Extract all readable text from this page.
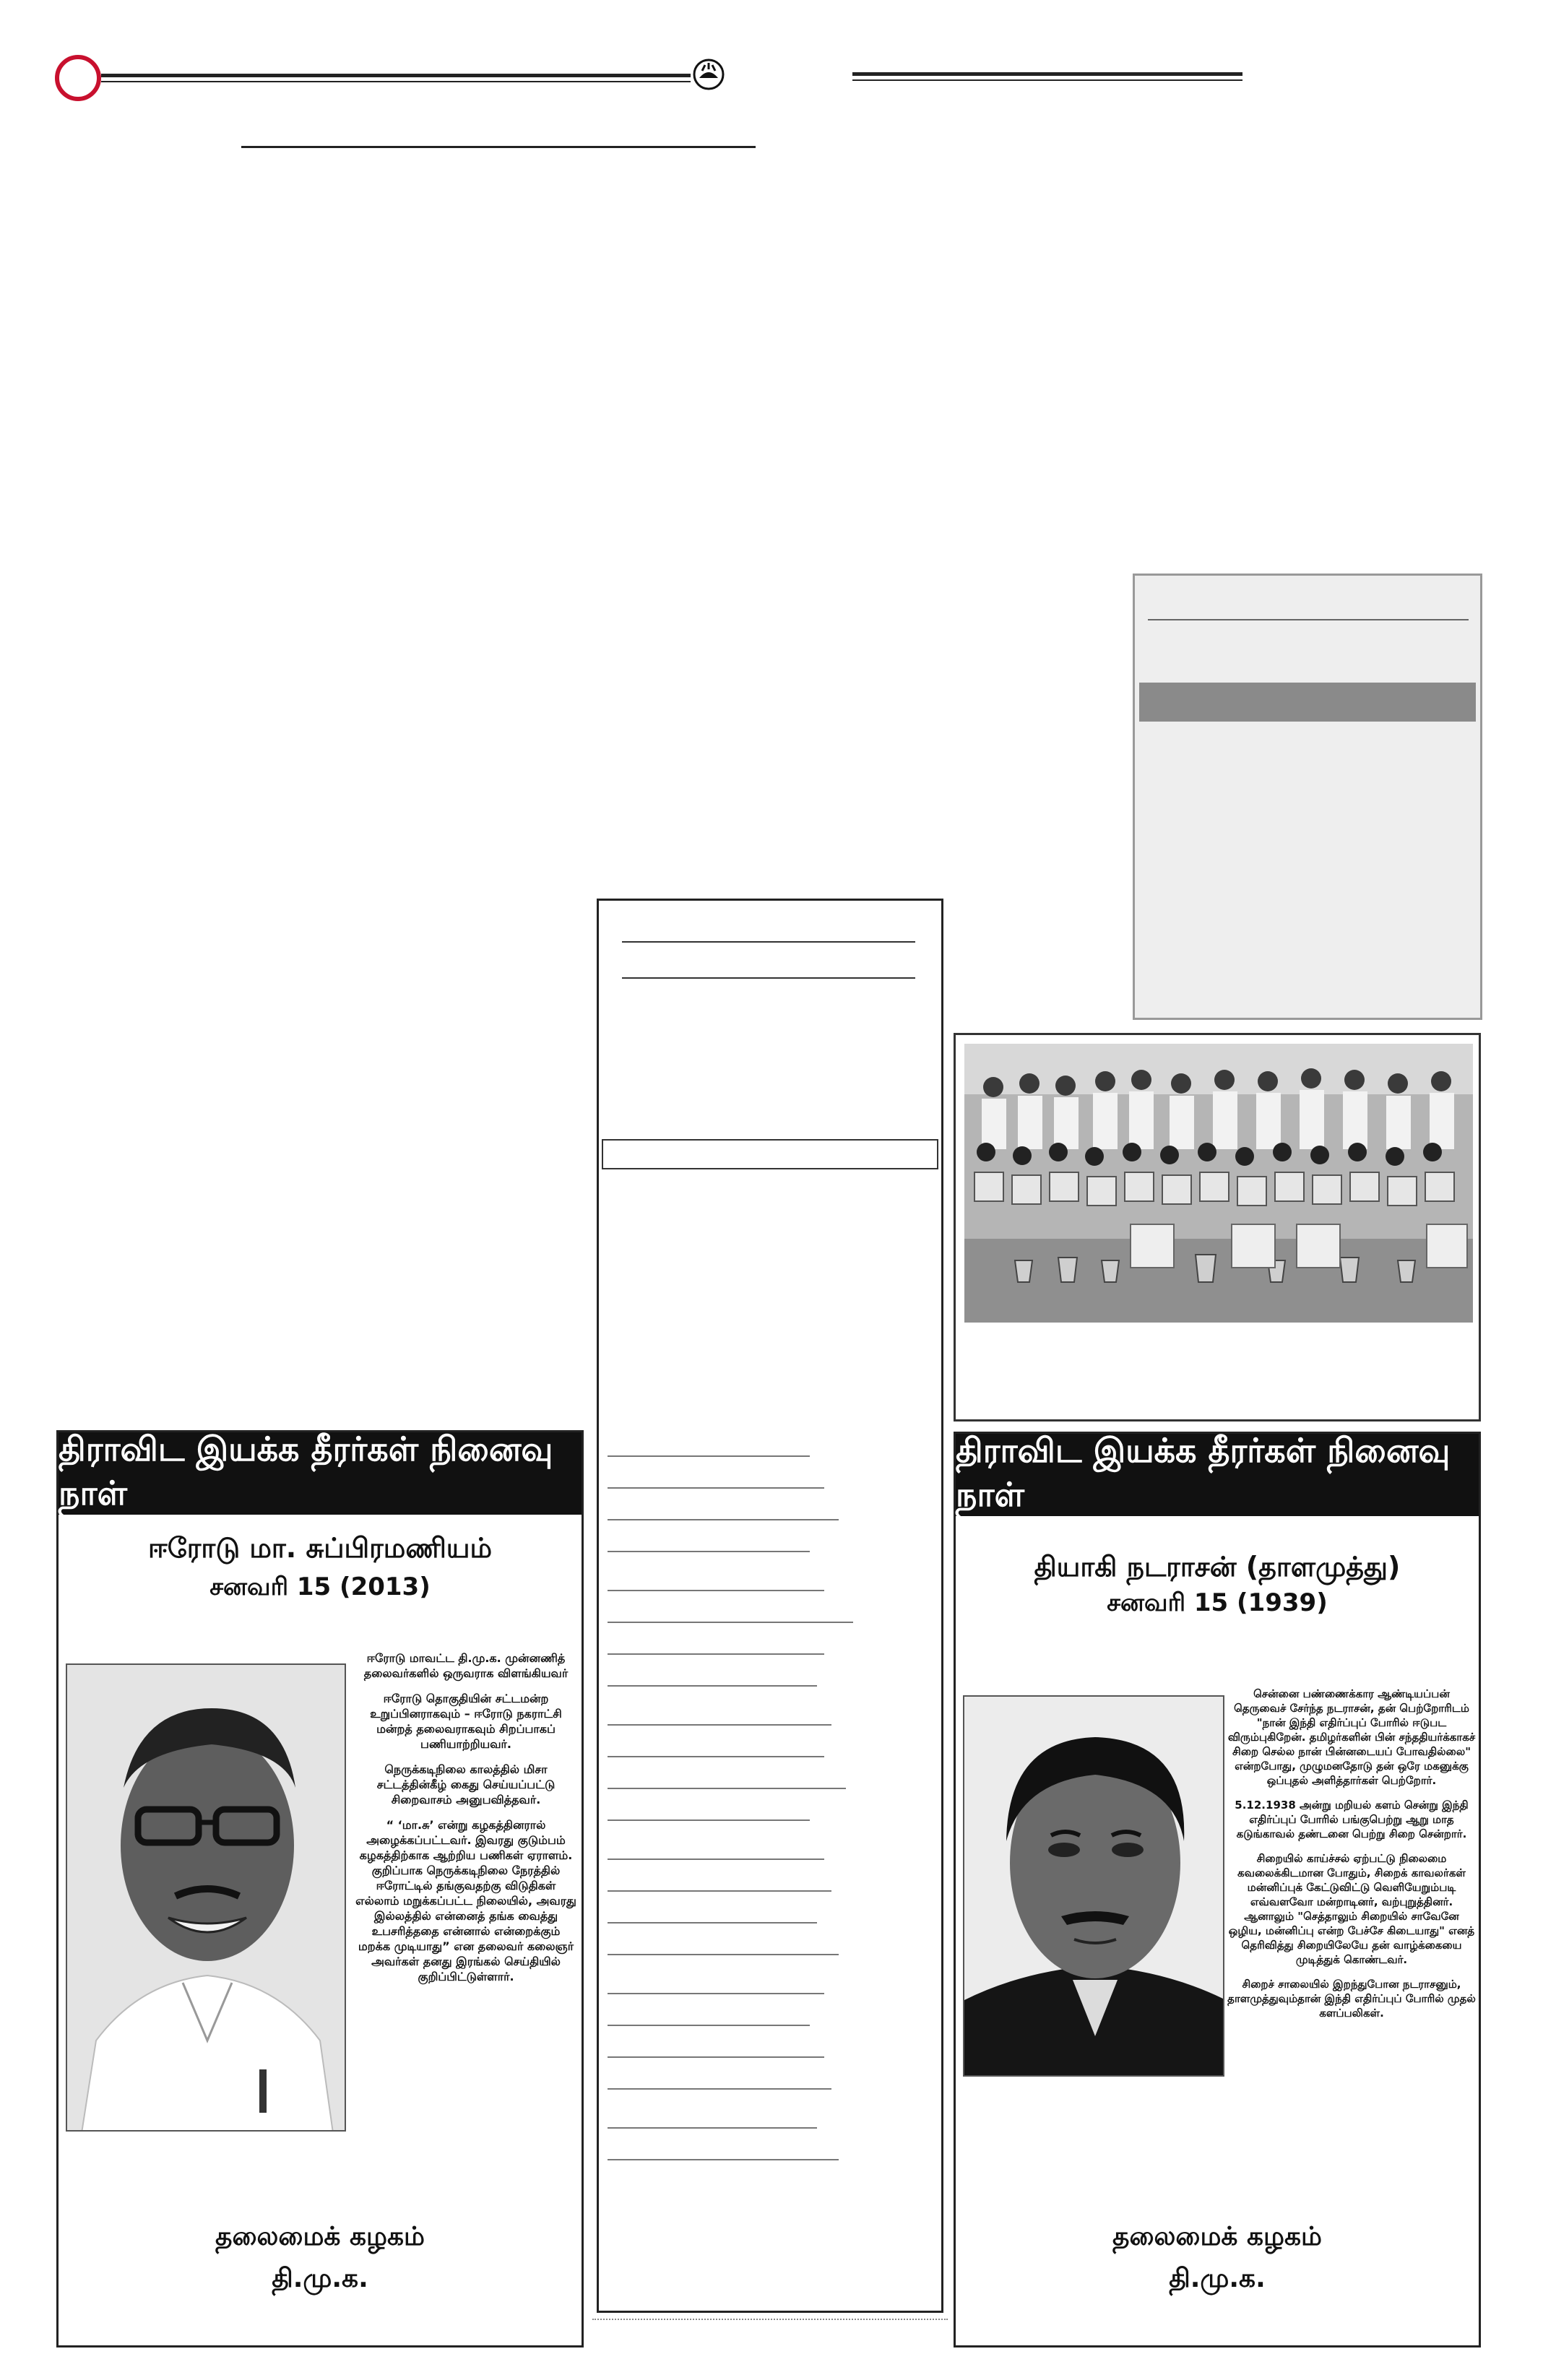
திராவிட இயக்க தீரர்கள் நினைவு நாள்
ஈரோடு மா. சுப்பிரமணியம்
சனவரி 15 (2013)

ஈரோடு மாவட்ட தி.மு.க. முன்னணித் தலைவர்களில் ஒருவராக விளங்கியவர்

ஈரோடு தொகுதியின் சட்டமன்ற உறுப்பினராகவும் – ஈரோடு நகராட்சி மன்றத் தலைவராகவும் சிறப்பாகப் பணியாற்றியவர்.

நெருக்கடிநிலை காலத்தில் மிசா சட்டத்தின்கீழ் கைது செய்யப்பட்டு சிறைவாசம் அனுபவித்தவர்.

“ ‘மா.சு’ என்று கழகத்தினரால் அழைக்கப்பட்டவர். இவரது குடும்பம் கழகத்திற்காக ஆற்றிய பணிகள் ஏராளம். குறிப்பாக நெருக்கடிநிலை நேரத்தில் ஈரோட்டில் தங்குவதற்கு விடுதிகள் எல்லாம் மறுக்கப்பட்ட நிலையில், அவரது இல்லத்தில் என்னைத் தங்க வைத்து உபசரித்ததை என்னால் என்றைக்கும் மறக்க முடியாது” என தலைவர் கலைஞர் அவர்கள் தனது இரங்கல் செய்தியில் குறிப்பிட்டுள்ளார்.

தலைமைக் கழகம்
தி.மு.க.
திராவிட இயக்க தீரர்கள் நினைவு நாள்
தியாகி நடராசன் (தாளமுத்து)
சனவரி 15 (1939)

சென்னை பண்ணைக்கார ஆண்டியப்பன் தெருவைச் சேர்ந்த நடராசன், தன் பெற்றோரிடம் "நான் இந்தி எதிர்ப்புப் போரில் ஈடுபட விரும்புகிறேன். தமிழர்களின் பின் சந்ததியர்க்காகச் சிறை செல்ல நான் பின்னடையப் போவதில்லை" என்றபோது, முழுமனதோடு தன் ஒரே மகனுக்கு ஒப்புதல் அளித்தார்கள் பெற்றோர்.

5.12.1938 அன்று மறியல் களம் சென்று இந்தி எதிர்ப்புப் போரில் பங்குபெற்று ஆறு மாத கடுங்காவல் தண்டனை பெற்று சிறை சென்றார்.

சிறையில் காய்ச்சல் ஏற்பட்டு நிலைமை கவலைக்கிடமான போதும், சிறைக் காவலர்கள் மன்னிப்புக் கேட்டுவிட்டு வெளியேறும்படி எவ்வளவோ மன்றாடினர், வற்புறுத்தினர். ஆனாலும் "செத்தாலும் சிறையில் சாவேனே ஒழிய, மன்னிப்பு என்ற பேச்சே கிடையாது" எனத் தெரிவித்து சிறையிலேயே தன் வாழ்க்கையை முடித்துக் கொண்டவர்.

சிறைச் சாலையில் இறந்துபோன நடராசனும், தாளமுத்துவும்தான் இந்தி எதிர்ப்புப் போரில் முதல் களப்பலிகள்.

தலைமைக் கழகம்
தி.மு.க.
